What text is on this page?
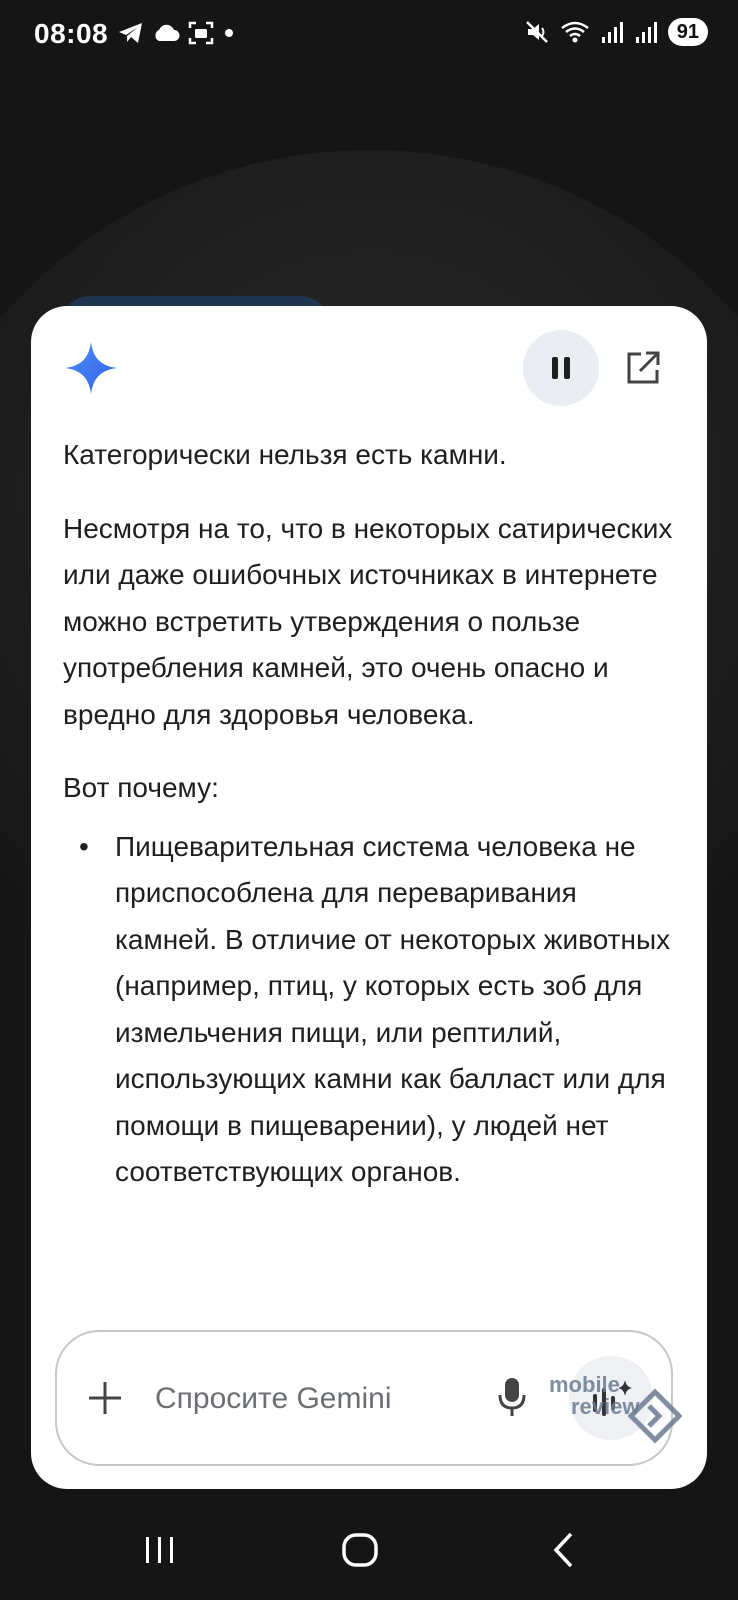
08:08	91

Категорически нельзя есть камни.

Несмотря на то, что в некоторых сатирических или даже ошибочных источниках в интернете можно встретить утверждения о пользе употребления камней, это очень опасно и вредно для здоровья человека.

Вот почему:

• Пищеварительная система человека не приспособлена для переваривания камней. В отличие от некоторых животных (например, птиц, у которых есть зоб для измельчения пищи, или рептилий, использующих камни как балласт или для помощи в пищеварении), у людей нет соответствующих органов.
Спросите Gemini
mobile
review
